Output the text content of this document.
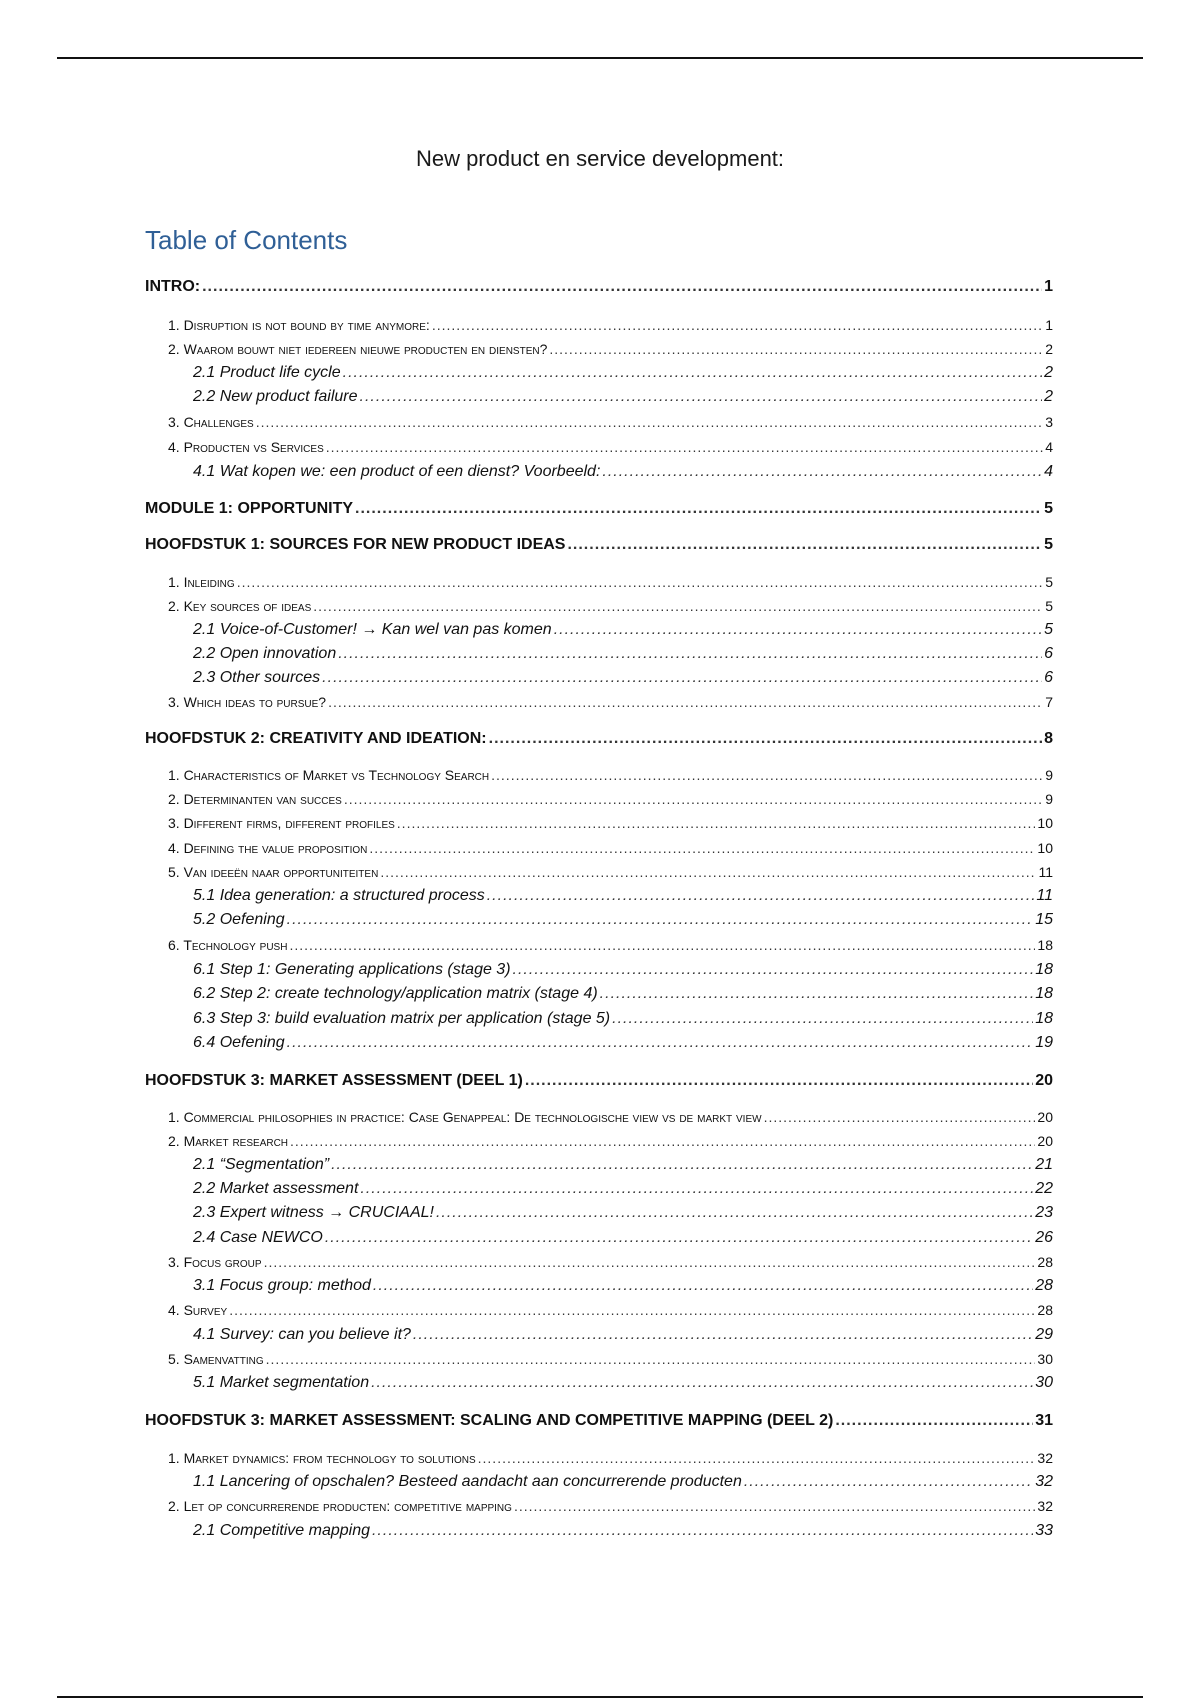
New product en service development:
Table of Contents
INTRO: .....	1
1. Disruption is not bound by time anymore: .....	1
2. Waarom bouwt niet iedereen nieuwe producten en diensten? .....	2
2.1 Product life cycle .....	2
2.2 New product failure .....	2
3. Challenges .....	3
4. Producten vs Services .....	4
4.1 Wat kopen we: een product of een dienst? Voorbeeld: .....	4
MODULE 1: OPPORTUNITY .....	5
HOOFDSTUK 1: SOURCES FOR NEW PRODUCT IDEAS .....	5
1. Inleiding .....	5
2. Key sources of ideas .....	5
2.1 Voice-of-Customer! → Kan wel van pas komen .....	5
2.2 Open innovation .....	6
2.3 Other sources .....	6
3. Which ideas to pursue? .....	7
HOOFDSTUK 2: CREATIVITY AND IDEATION: .....	8
1. Characteristics of Market vs Technology Search .....	9
2. Determinanten van succes .....	9
3. Different firms, different profiles .....	10
4. Defining the value proposition .....	10
5. Van ideeën naar opportuniteiten .....	11
5.1 Idea generation: a structured process .....	11
5.2 Oefening .....	15
6. Technology push .....	18
6.1 Step 1: Generating applications (stage 3) .....	18
6.2 Step 2: create technology/application matrix (stage 4) .....	18
6.3 Step 3: build evaluation matrix per application (stage 5) .....	18
6.4 Oefening .....	19
HOOFDSTUK 3: MARKET ASSESSMENT (DEEL 1) .....	20
1. Commercial philosophies in practice: Case Genappeal: De technologische view vs de markt view .....	20
2. Market research .....	20
2.1 “Segmentation” .....	21
2.2 Market assessment .....	22
2.3 Expert witness → CRUCIAAL! .....	23
2.4 Case NEWCO .....	26
3. Focus group .....	28
3.1 Focus group: method .....	28
4. Survey .....	28
4.1 Survey: can you believe it? .....	29
5. Samenvatting .....	30
5.1 Market segmentation .....	30
HOOFDSTUK 3: MARKET ASSESSMENT: SCALING AND COMPETITIVE MAPPING (DEEL 2) .....	31
1. Market dynamics: from technology to solutions .....	32
1.1 Lancering of opschalen? Besteed aandacht aan concurrerende producten .....	32
2. Let op concurrerende producten: competitive mapping .....	32
2.1 Competitive mapping .....	33
